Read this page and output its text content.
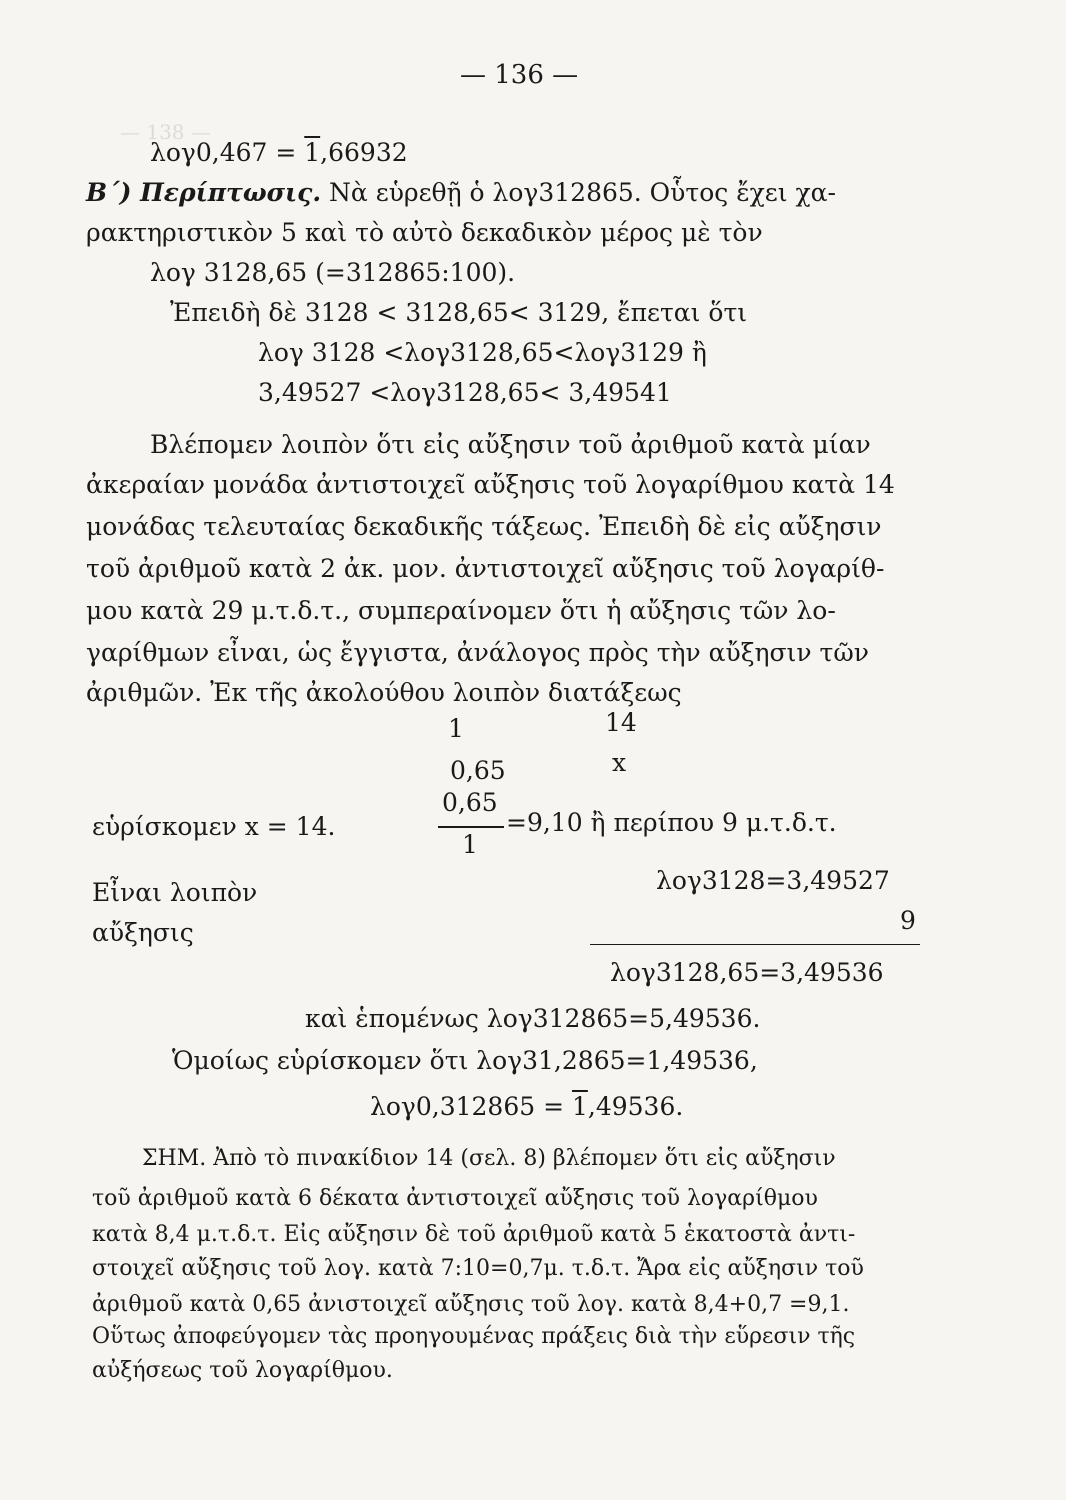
— 138 —
— 136 —
λογ0,467 = 1,66932
Β΄) Περίπτωσις. Νὰ εὑρεθῇ ὁ λογ312865. Οὗτος ἔχει χα-
ρακτηριστικὸν 5 καὶ τὸ αὐτὸ δεκαδικὸν μέρος μὲ τὸν
λογ 3128,65 (=312865:100).
Ἐπειδὴ δὲ 3128 < 3128,65< 3129, ἔπεται ὅτι
λογ 3128 <λογ3128,65<λογ3129 ἢ
3,49527 <λογ3128,65< 3,49541
Βλέπομεν λοιπὸν ὅτι εἰς αὔξησιν τοῦ ἀριθμοῦ κατὰ μίαν
ἀκεραίαν μονάδα ἀντιστοιχεῖ αὔξησις τοῦ λογαρίθμου κατὰ 14
μονάδας τελευταίας δεκαδικῆς τάξεως. Ἐπειδὴ δὲ εἰς αὔξησιν
τοῦ ἀριθμοῦ κατὰ 2 ἀκ. μον. ἀντιστοιχεῖ αὔξησις τοῦ λογαρίθ-
μου κατὰ 29 μ.τ.δ.τ., συμπεραίνομεν ὅτι ἡ αὔξησις τῶν λο-
γαρίθμων εἶναι, ὡς ἔγγιστα, ἀνάλογος πρὸς τὴν αὔξησιν τῶν
ἀριθμῶν. Ἐκ τῆς ἀκολούθου λοιπὸν διατάξεως
1	14
0,65	x
0,65
1
εὑρίσκομεν x = 14.	=9,10 ἢ περίπου 9 μ.τ.δ.τ.
Εἶναι λοιπὸν	λογ3128=3,49527
αὔξησις	9
λογ3128,65=3,49536
καὶ ἑπομένως λογ312865=5,49536.
Ὁμοίως εὑρίσκομεν ὅτι λογ31,2865=1,49536,
λογ0,312865 = 1,49536.
ΣΗΜ. Ἀπὸ τὸ πινακίδιον 14 (σελ. 8) βλέπομεν ὅτι εἰς αὔξησιν
τοῦ ἀριθμοῦ κατὰ 6 δέκατα ἀντιστοιχεῖ αὔξησις τοῦ λογαρίθμου
κατὰ 8,4 μ.τ.δ.τ. Εἰς αὔξησιν δὲ τοῦ ἀριθμοῦ κατὰ 5 ἑκατοστὰ ἀντι-
στοιχεῖ αὔξησις τοῦ λογ. κατὰ 7:10=0,7μ. τ.δ.τ. Ἄρα εἰς αὔξησιν τοῦ
ἀριθμοῦ κατὰ 0,65 ἀνιστοιχεῖ αὔξησις τοῦ λογ. κατὰ 8,4+0,7 =9,1.
Οὕτως ἀποφεύγομεν τὰς προηγουμένας πράξεις διὰ τὴν εὕρεσιν τῆς
αὐξήσεως τοῦ λογαρίθμου.
